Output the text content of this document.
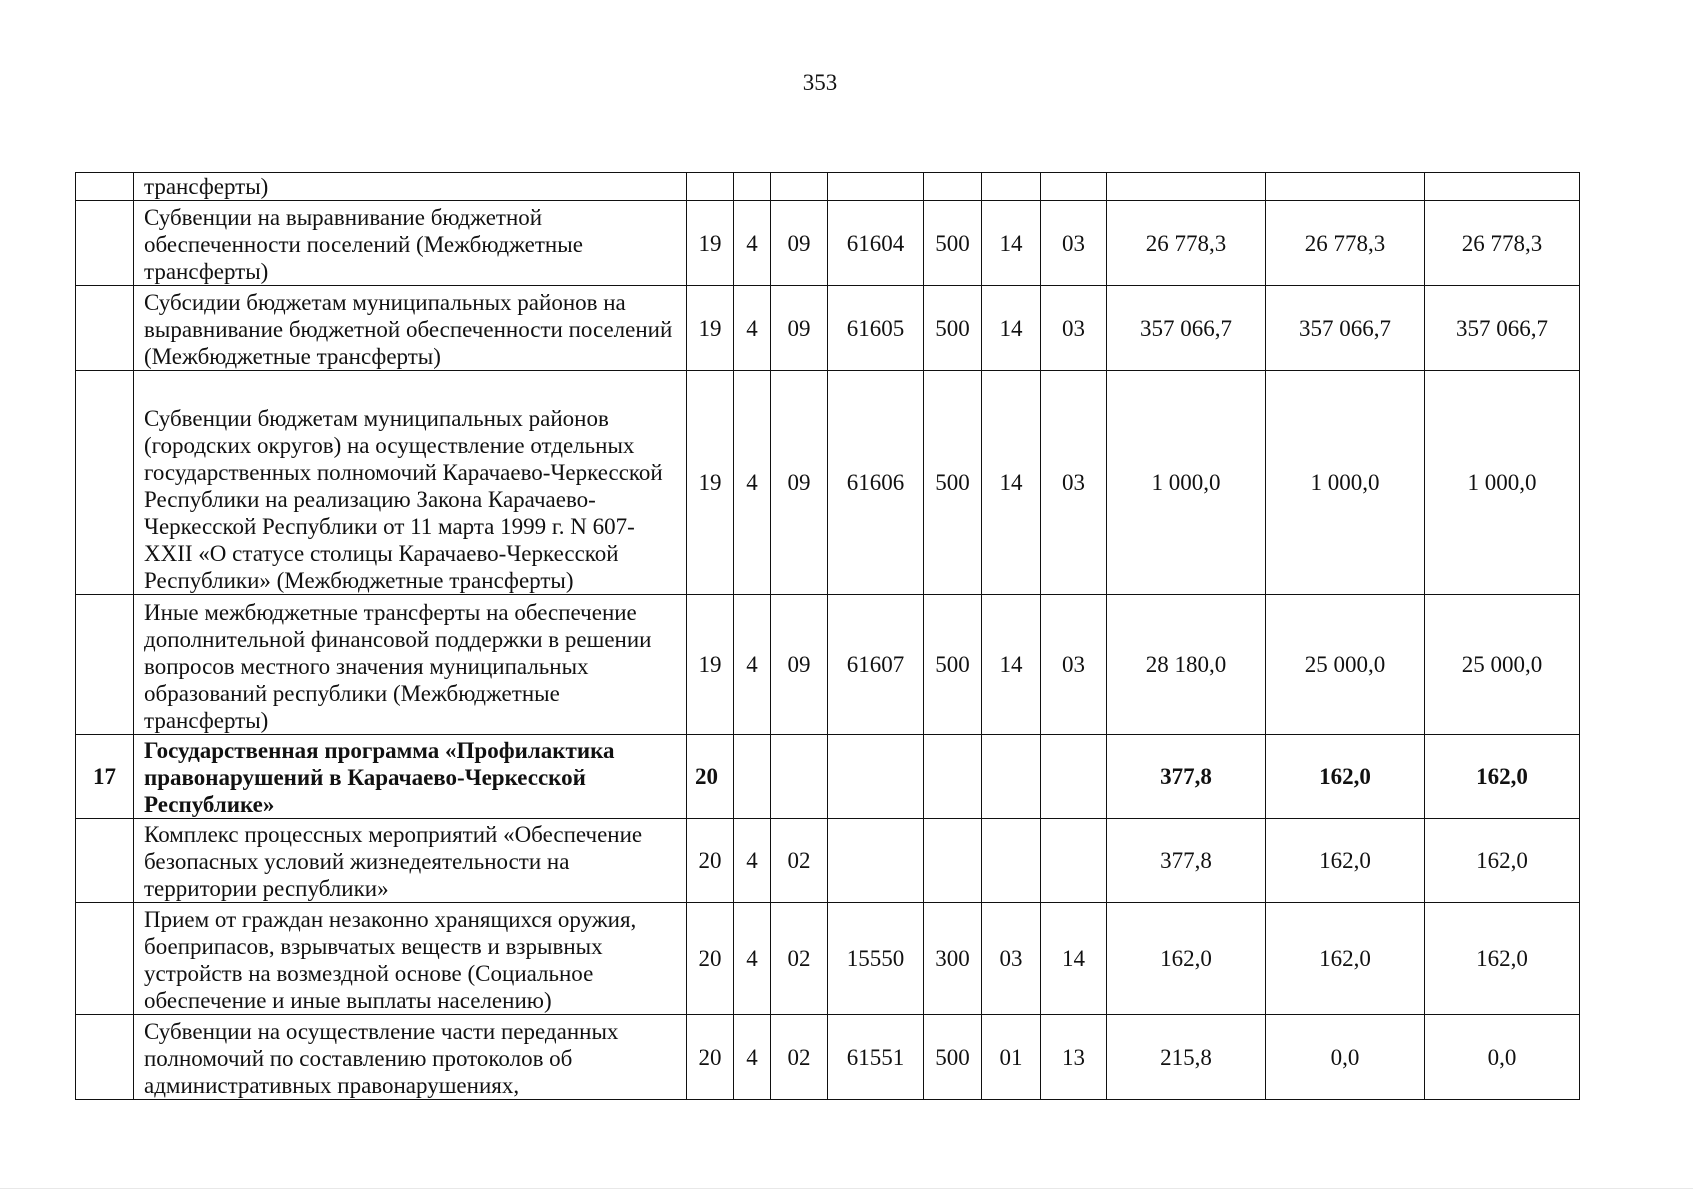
353
	трансферты)										
	Субвенции на выравнивание бюджетной обеспеченности поселений (Межбюджетные трансферты)	19	4	09	61604	500	14	03	26 778,3	26 778,3	26 778,3
	Субсидии бюджетам муниципальных районов на выравнивание бюджетной обеспеченности поселений (Межбюджетные трансферты)	19	4	09	61605	500	14	03	357 066,7	357 066,7	357 066,7
	Субвенции бюджетам муниципальных районов (городских округов) на осуществление отдельных государственных полномочий Карачаево-Черкесской Республики на реализацию Закона Карачаево-Черкесской Республики от 11 марта 1999 г. N 607-XXII «О статусе столицы Карачаево-Черкесской Республики» (Межбюджетные трансферты)	19	4	09	61606	500	14	03	1 000,0	1 000,0	1 000,0
	Иные межбюджетные трансферты на обеспечение дополнительной финансовой поддержки в решении вопросов местного значения муниципальных образований республики (Межбюджетные трансферты)	19	4	09	61607	500	14	03	28 180,0	25 000,0	25 000,0
17	Государственная программа «Профилактика правонарушений в Карачаево-Черкесской Республике»	20							377,8	162,0	162,0
	Комплекс процессных мероприятий «Обеспечение безопасных условий жизнедеятельности на территории республики»	20	4	02					377,8	162,0	162,0
	Прием от граждан незаконно хранящихся оружия, боеприпасов, взрывчатых веществ и взрывных устройств на возмездной основе (Социальное обеспечение и иные выплаты населению)	20	4	02	15550	300	03	14	162,0	162,0	162,0
	Субвенции на осуществление части переданных полномочий по составлению протоколов об административных правонарушениях,	20	4	02	61551	500	01	13	215,8	0,0	0,0
